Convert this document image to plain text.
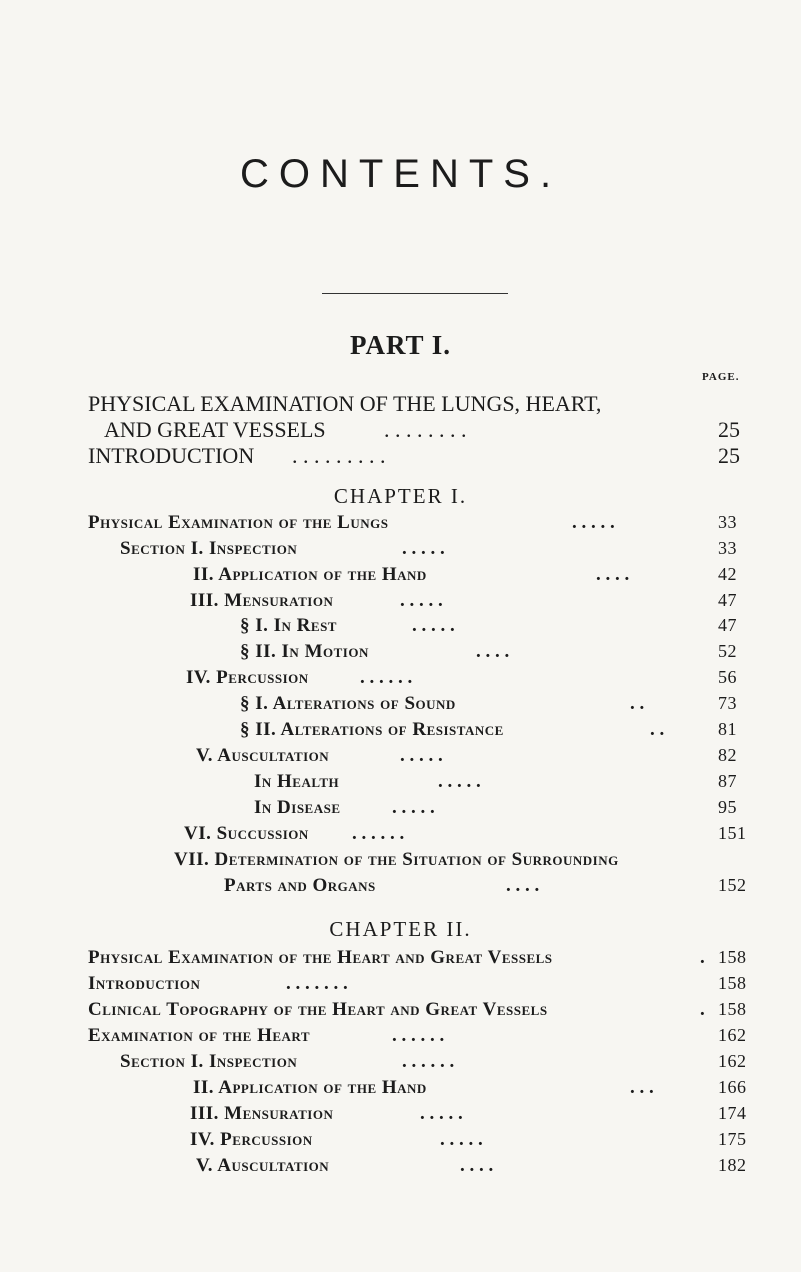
CONTENTS.
PART I.
PAGE.
PHYSICAL EXAMINATION OF THE LUNGS, HEART,
AND GREAT VESSELS	. . . . . . . .	25
INTRODUCTION . . . . . . . . .	25
CHAPTER I.
Physical Examination of the Lungs	. . . . .	33
Section I. Inspection	. . . . .	33
II. Application of the Hand	. . . .	42
III. Mensuration	. . . . .	47
§ I. In Rest	. . . . .	47
§ II. In Motion	. . . .	52
IV. Percussion	. . . . . .	56
§ I. Alterations of Sound	. .	73
§ II. Alterations of Resistance	. .	81
V. Auscultation	. . . . .	82
In Health	. . . . .	87
In Disease	. . . . .	95
VI. Succussion . . . . . .	151
VII. Determination of the Situation of Surrounding
Parts and Organs	. . . .	152
CHAPTER II.
Physical Examination of the Heart and Great Vessels	. 158
Introduction	. . . . . . .	158
Clinical Topography of the Heart and Great Vessels	. 158
Examination of the Heart	. . . . . .	162
Section I. Inspection	. . . . . .	162
II. Application of the Hand	. . .	166
III. Mensuration	. . . . .	174
IV. Percussion	. . . . .	175
V. Auscultation	. . . .	182
